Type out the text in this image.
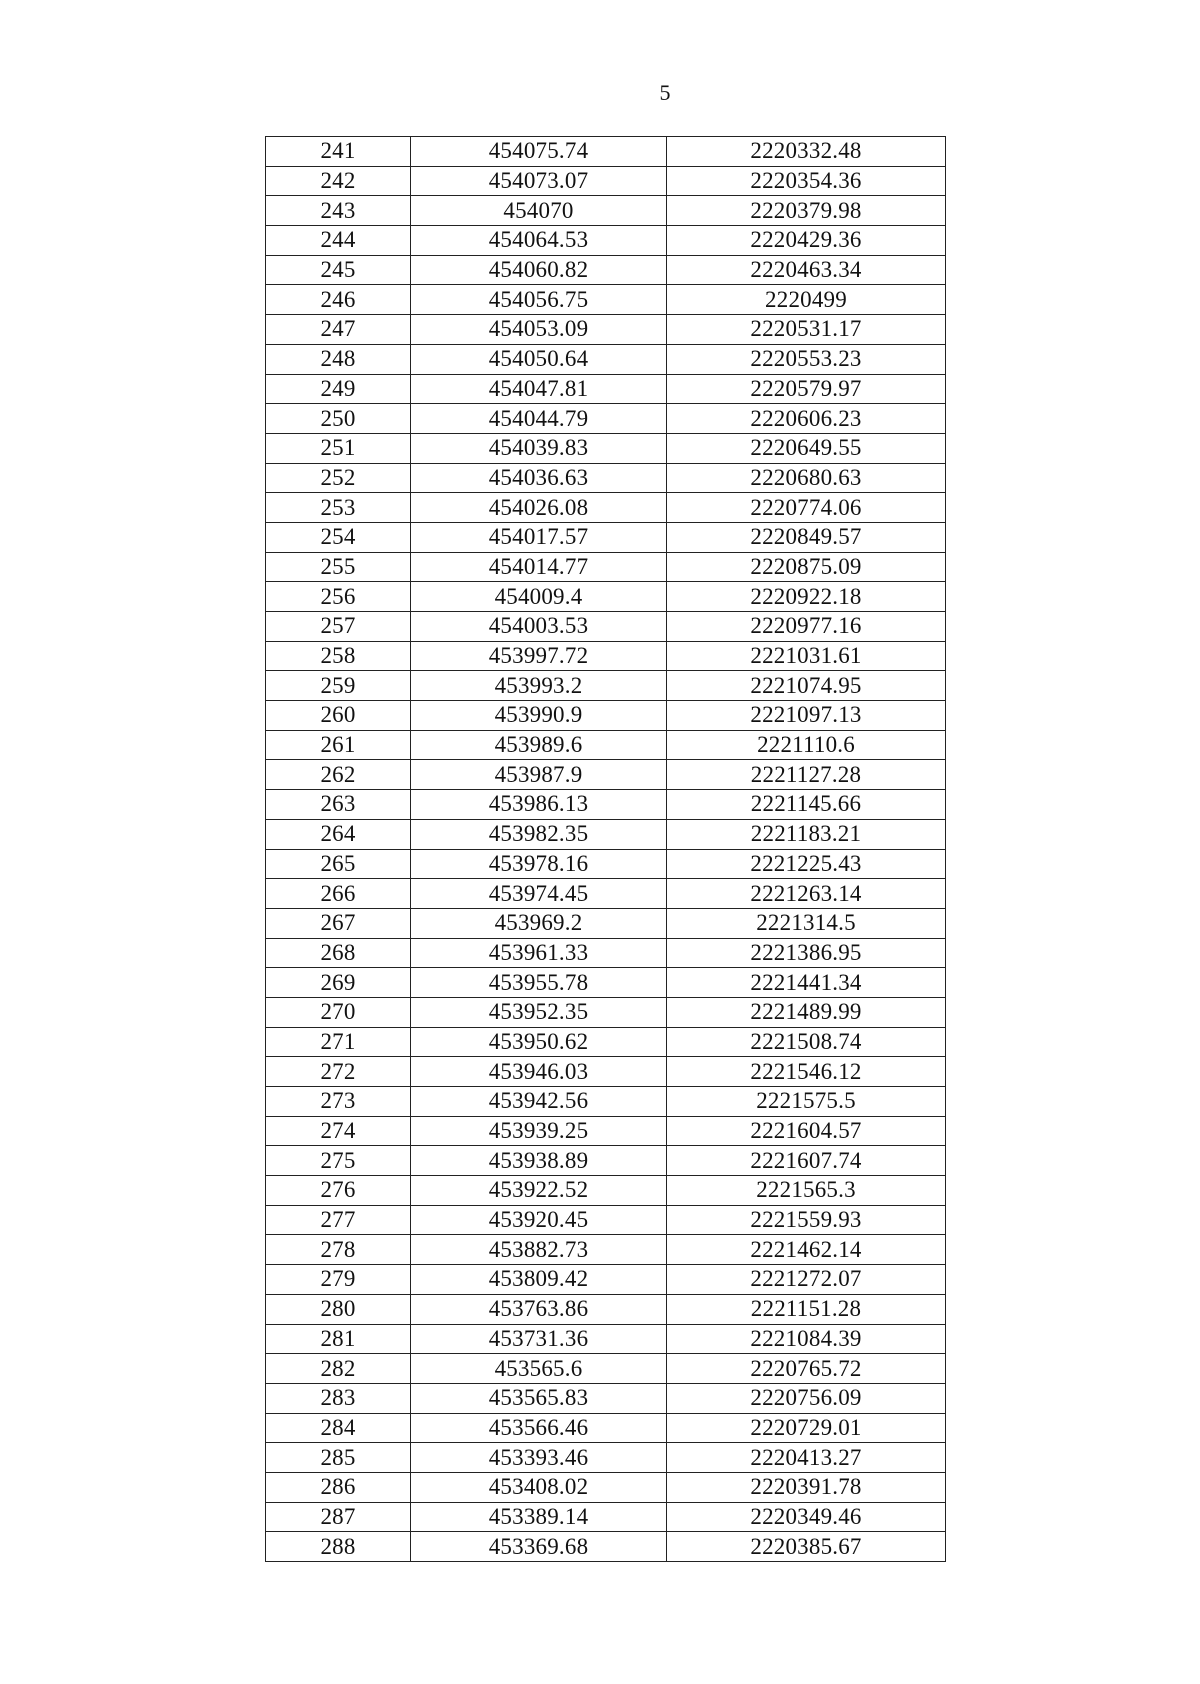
5
241	454075.74	2220332.48
242	454073.07	2220354.36
243	454070	2220379.98
244	454064.53	2220429.36
245	454060.82	2220463.34
246	454056.75	2220499
247	454053.09	2220531.17
248	454050.64	2220553.23
249	454047.81	2220579.97
250	454044.79	2220606.23
251	454039.83	2220649.55
252	454036.63	2220680.63
253	454026.08	2220774.06
254	454017.57	2220849.57
255	454014.77	2220875.09
256	454009.4	2220922.18
257	454003.53	2220977.16
258	453997.72	2221031.61
259	453993.2	2221074.95
260	453990.9	2221097.13
261	453989.6	2221110.6
262	453987.9	2221127.28
263	453986.13	2221145.66
264	453982.35	2221183.21
265	453978.16	2221225.43
266	453974.45	2221263.14
267	453969.2	2221314.5
268	453961.33	2221386.95
269	453955.78	2221441.34
270	453952.35	2221489.99
271	453950.62	2221508.74
272	453946.03	2221546.12
273	453942.56	2221575.5
274	453939.25	2221604.57
275	453938.89	2221607.74
276	453922.52	2221565.3
277	453920.45	2221559.93
278	453882.73	2221462.14
279	453809.42	2221272.07
280	453763.86	2221151.28
281	453731.36	2221084.39
282	453565.6	2220765.72
283	453565.83	2220756.09
284	453566.46	2220729.01
285	453393.46	2220413.27
286	453408.02	2220391.78
287	453389.14	2220349.46
288	453369.68	2220385.67
